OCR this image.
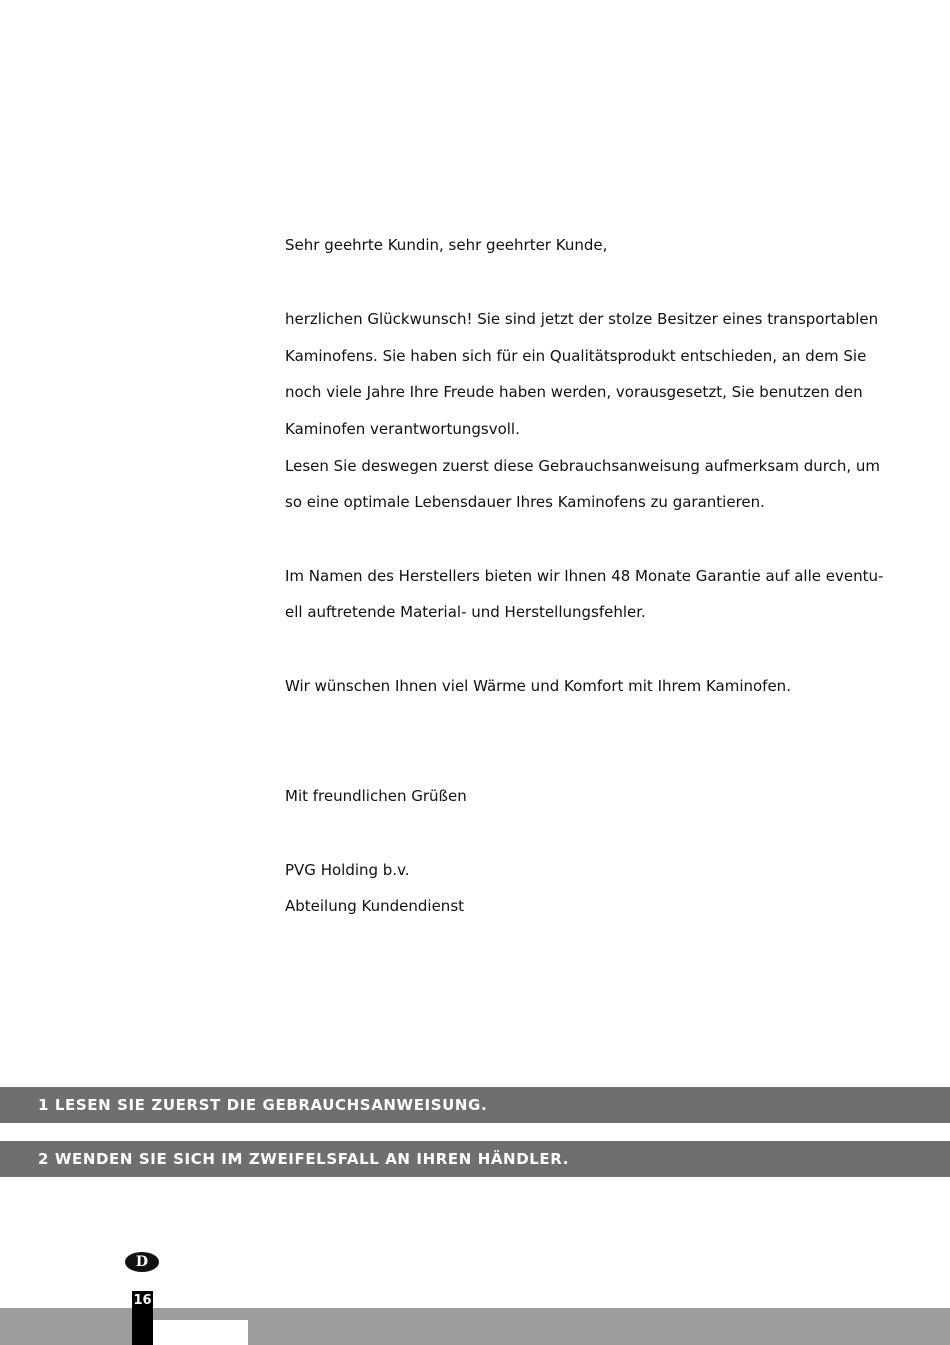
Sehr geehrte Kundin, sehr geehrter Kunde,
herzlichen Glückwunsch! Sie sind jetzt der stolze Besitzer eines transportablen
Kaminofens. Sie haben sich für ein Qualitätsprodukt entschieden, an dem Sie
noch viele Jahre Ihre Freude haben werden, vorausgesetzt, Sie benutzen den
Kaminofen verantwortungsvoll.
Lesen Sie deswegen zuerst diese Gebrauchsanweisung aufmerksam durch, um
so eine optimale Lebensdauer Ihres Kaminofens zu garantieren.
Im Namen des Herstellers bieten wir Ihnen 48 Monate Garantie auf alle eventu-
ell auftretende Material- und Herstellungsfehler.
Wir wünschen Ihnen viel Wärme und Komfort mit Ihrem Kaminofen.
Mit freundlichen Grüßen
PVG Holding b.v.
Abteilung Kundendienst
1 LESEN SIE ZUERST DIE GEBRAUCHSANWEISUNG.
2 WENDEN SIE SICH IM ZWEIFELSFALL AN IHREN HÄNDLER.
D
16
